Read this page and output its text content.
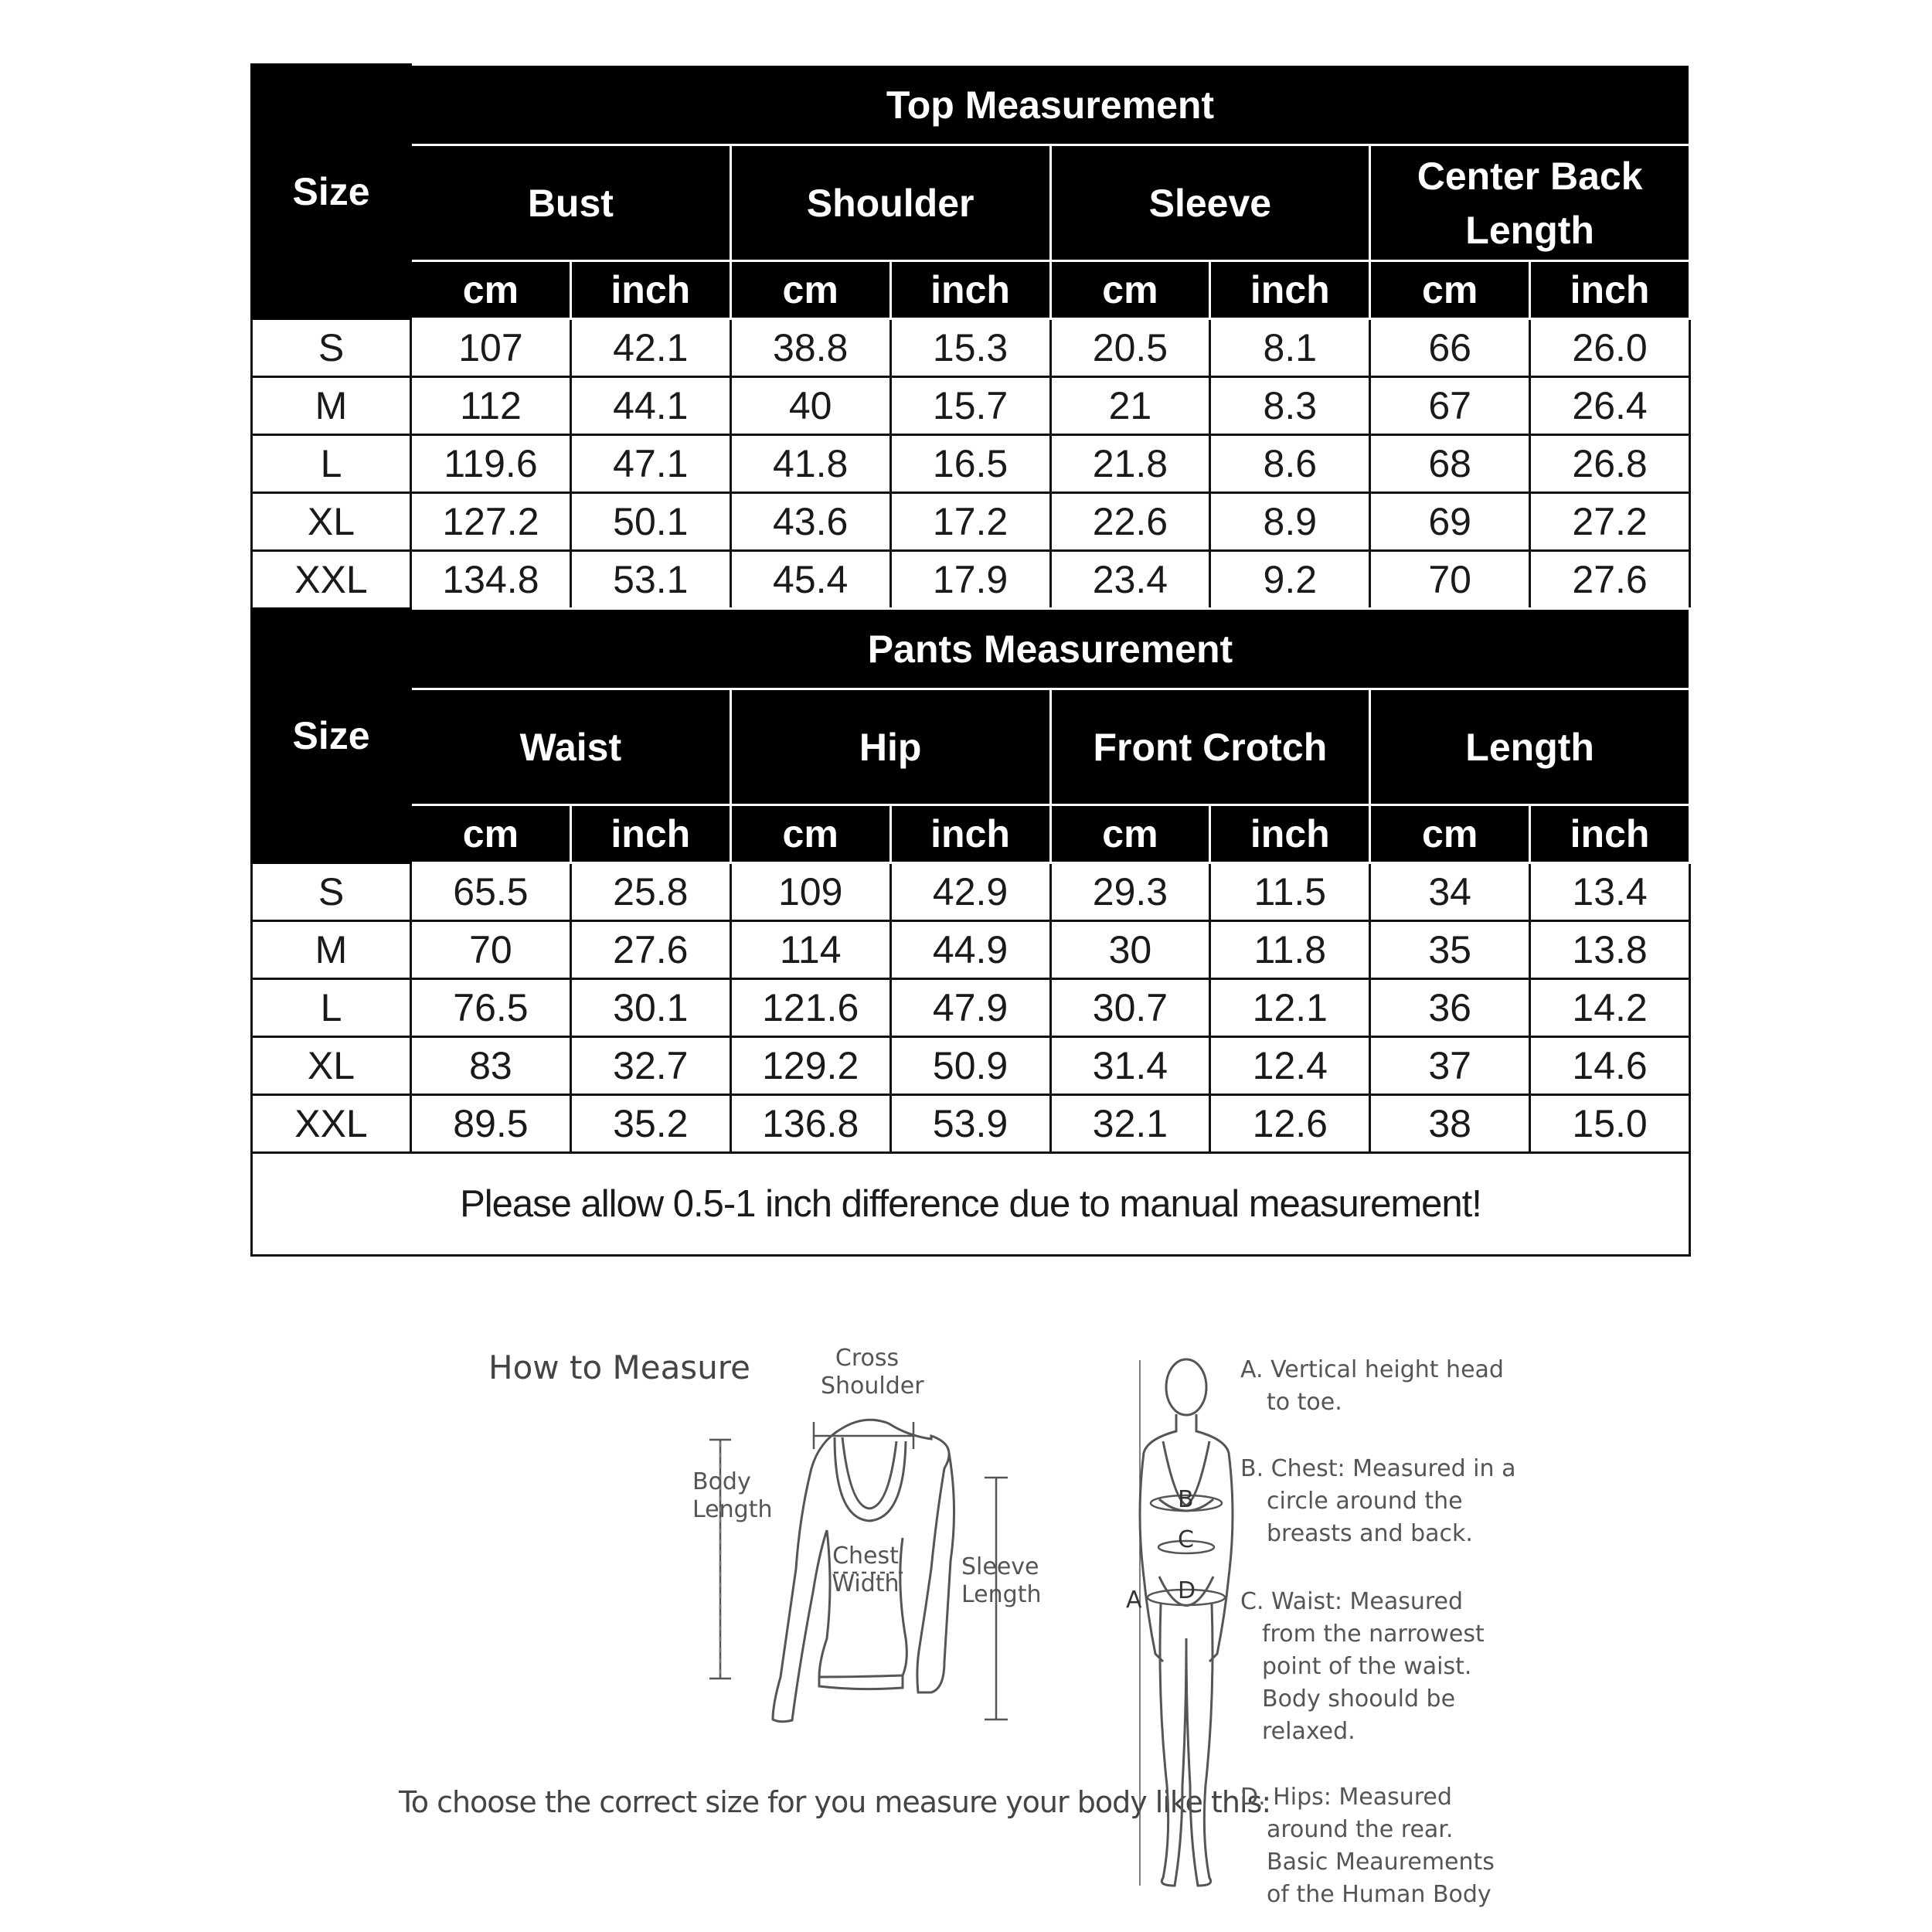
Size	Top Measurement							
	Bust		Shoulder		Sleeve		Center Back Length	
	cm	inch	cm	inch	cm	inch	cm	inch
S	107	42.1	38.8	15.3	20.5	8.1	66	26.0
M	112	44.1	40	15.7	21	8.3	67	26.4
L	119.6	47.1	41.8	16.5	21.8	8.6	68	26.8
XL	127.2	50.1	43.6	17.2	22.6	8.9	69	27.2
XXL	134.8	53.1	45.4	17.9	23.4	9.2	70	27.6
Size	Pants Measurement							
	Waist		Hip		Front Crotch		Length	
	cm	inch	cm	inch	cm	inch	cm	inch
S	65.5	25.8	109	42.9	29.3	11.5	34	13.4
M	70	27.6	114	44.9	30	11.8	35	13.8
L	76.5	30.1	121.6	47.9	30.7	12.1	36	14.2
XL	83	32.7	129.2	50.9	31.4	12.4	37	14.6
XXL	89.5	35.2	136.8	53.9	32.1	12.6	38	15.0
Please allow 0.5-1 inch difference due to manual measurement!
How to Measure
To choose the correct size for you measure your body like this:
A
B
C
D
Cross
Shoulder
Body
Length
Chest
Width
Sleeve
Length
A. Vertical height head
to toe.
B. Chest: Measured in a
circle around the
breasts and back.
C. Waist: Measured
from the narrowest
point of the waist.
Body shoould be
relaxed.
D. Hips: Measured
around the rear.
Basic Meaurements
of the Human Body
